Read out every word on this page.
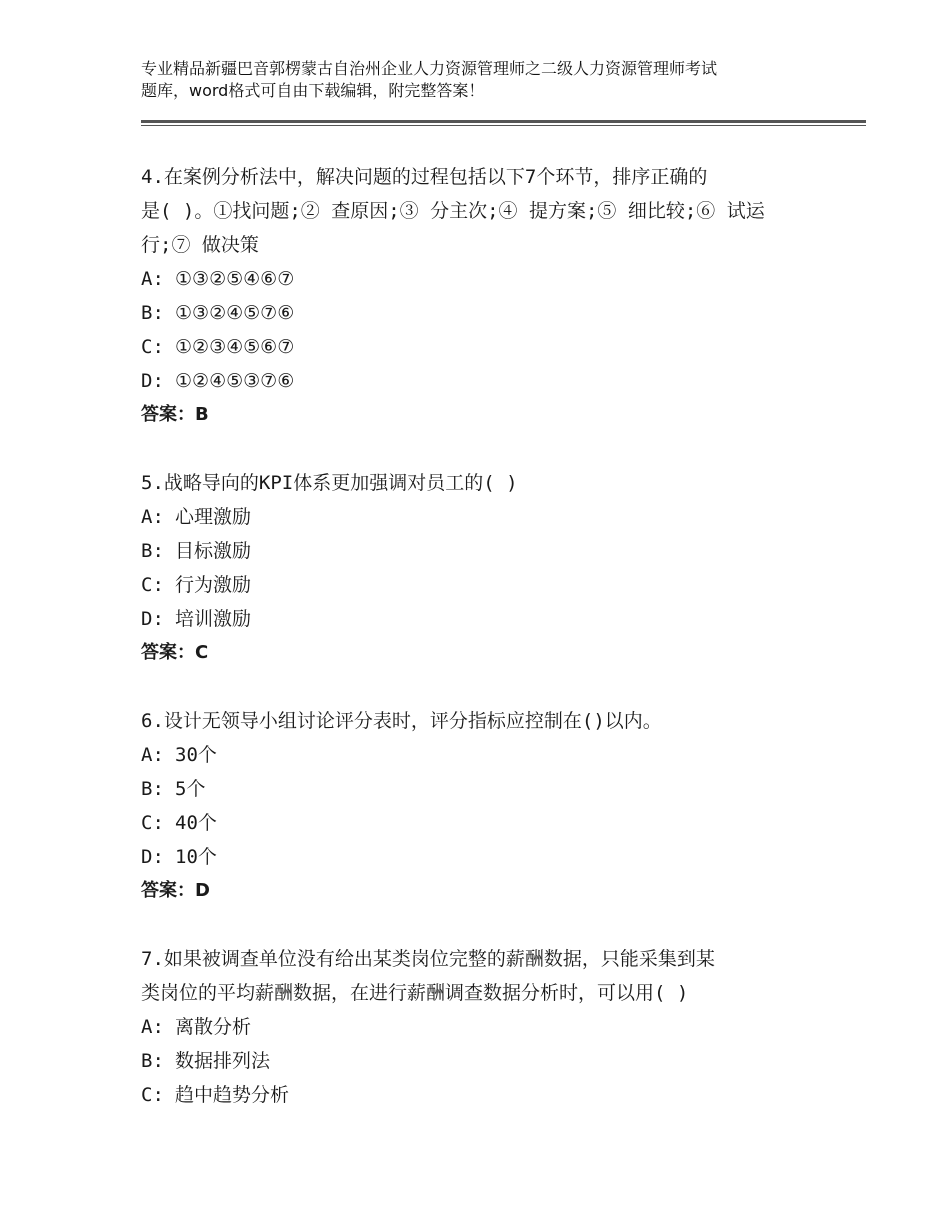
专业精品新疆巴音郭楞蒙古自治州企业人力资源管理师之二级人力资源管理师考试
题库，word格式可自由下载编辑，附完整答案！
4.在案例分析法中，解决问题的过程包括以下7个环节，排序正确的
是( )。①找问题;② 查原因;③ 分主次;④ 提方案;⑤ 细比较;⑥ 试运
行;⑦ 做决策
A: ①③②⑤④⑥⑦
B: ①③②④⑤⑦⑥
C: ①②③④⑤⑥⑦
D: ①②④⑤③⑦⑥
答案：B
5.战略导向的KPI体系更加强调对员工的( )
A: 心理激励
B: 目标激励
C: 行为激励
D: 培训激励
答案：C
6.设计无领导小组讨论评分表时，评分指标应控制在()以内。
A: 30个
B: 5个
C: 40个
D: 10个
答案：D
7.如果被调查单位没有给出某类岗位完整的薪酬数据，只能采集到某
类岗位的平均薪酬数据，在进行薪酬调查数据分析时，可以用( )
A: 离散分析
B: 数据排列法
C: 趋中趋势分析
